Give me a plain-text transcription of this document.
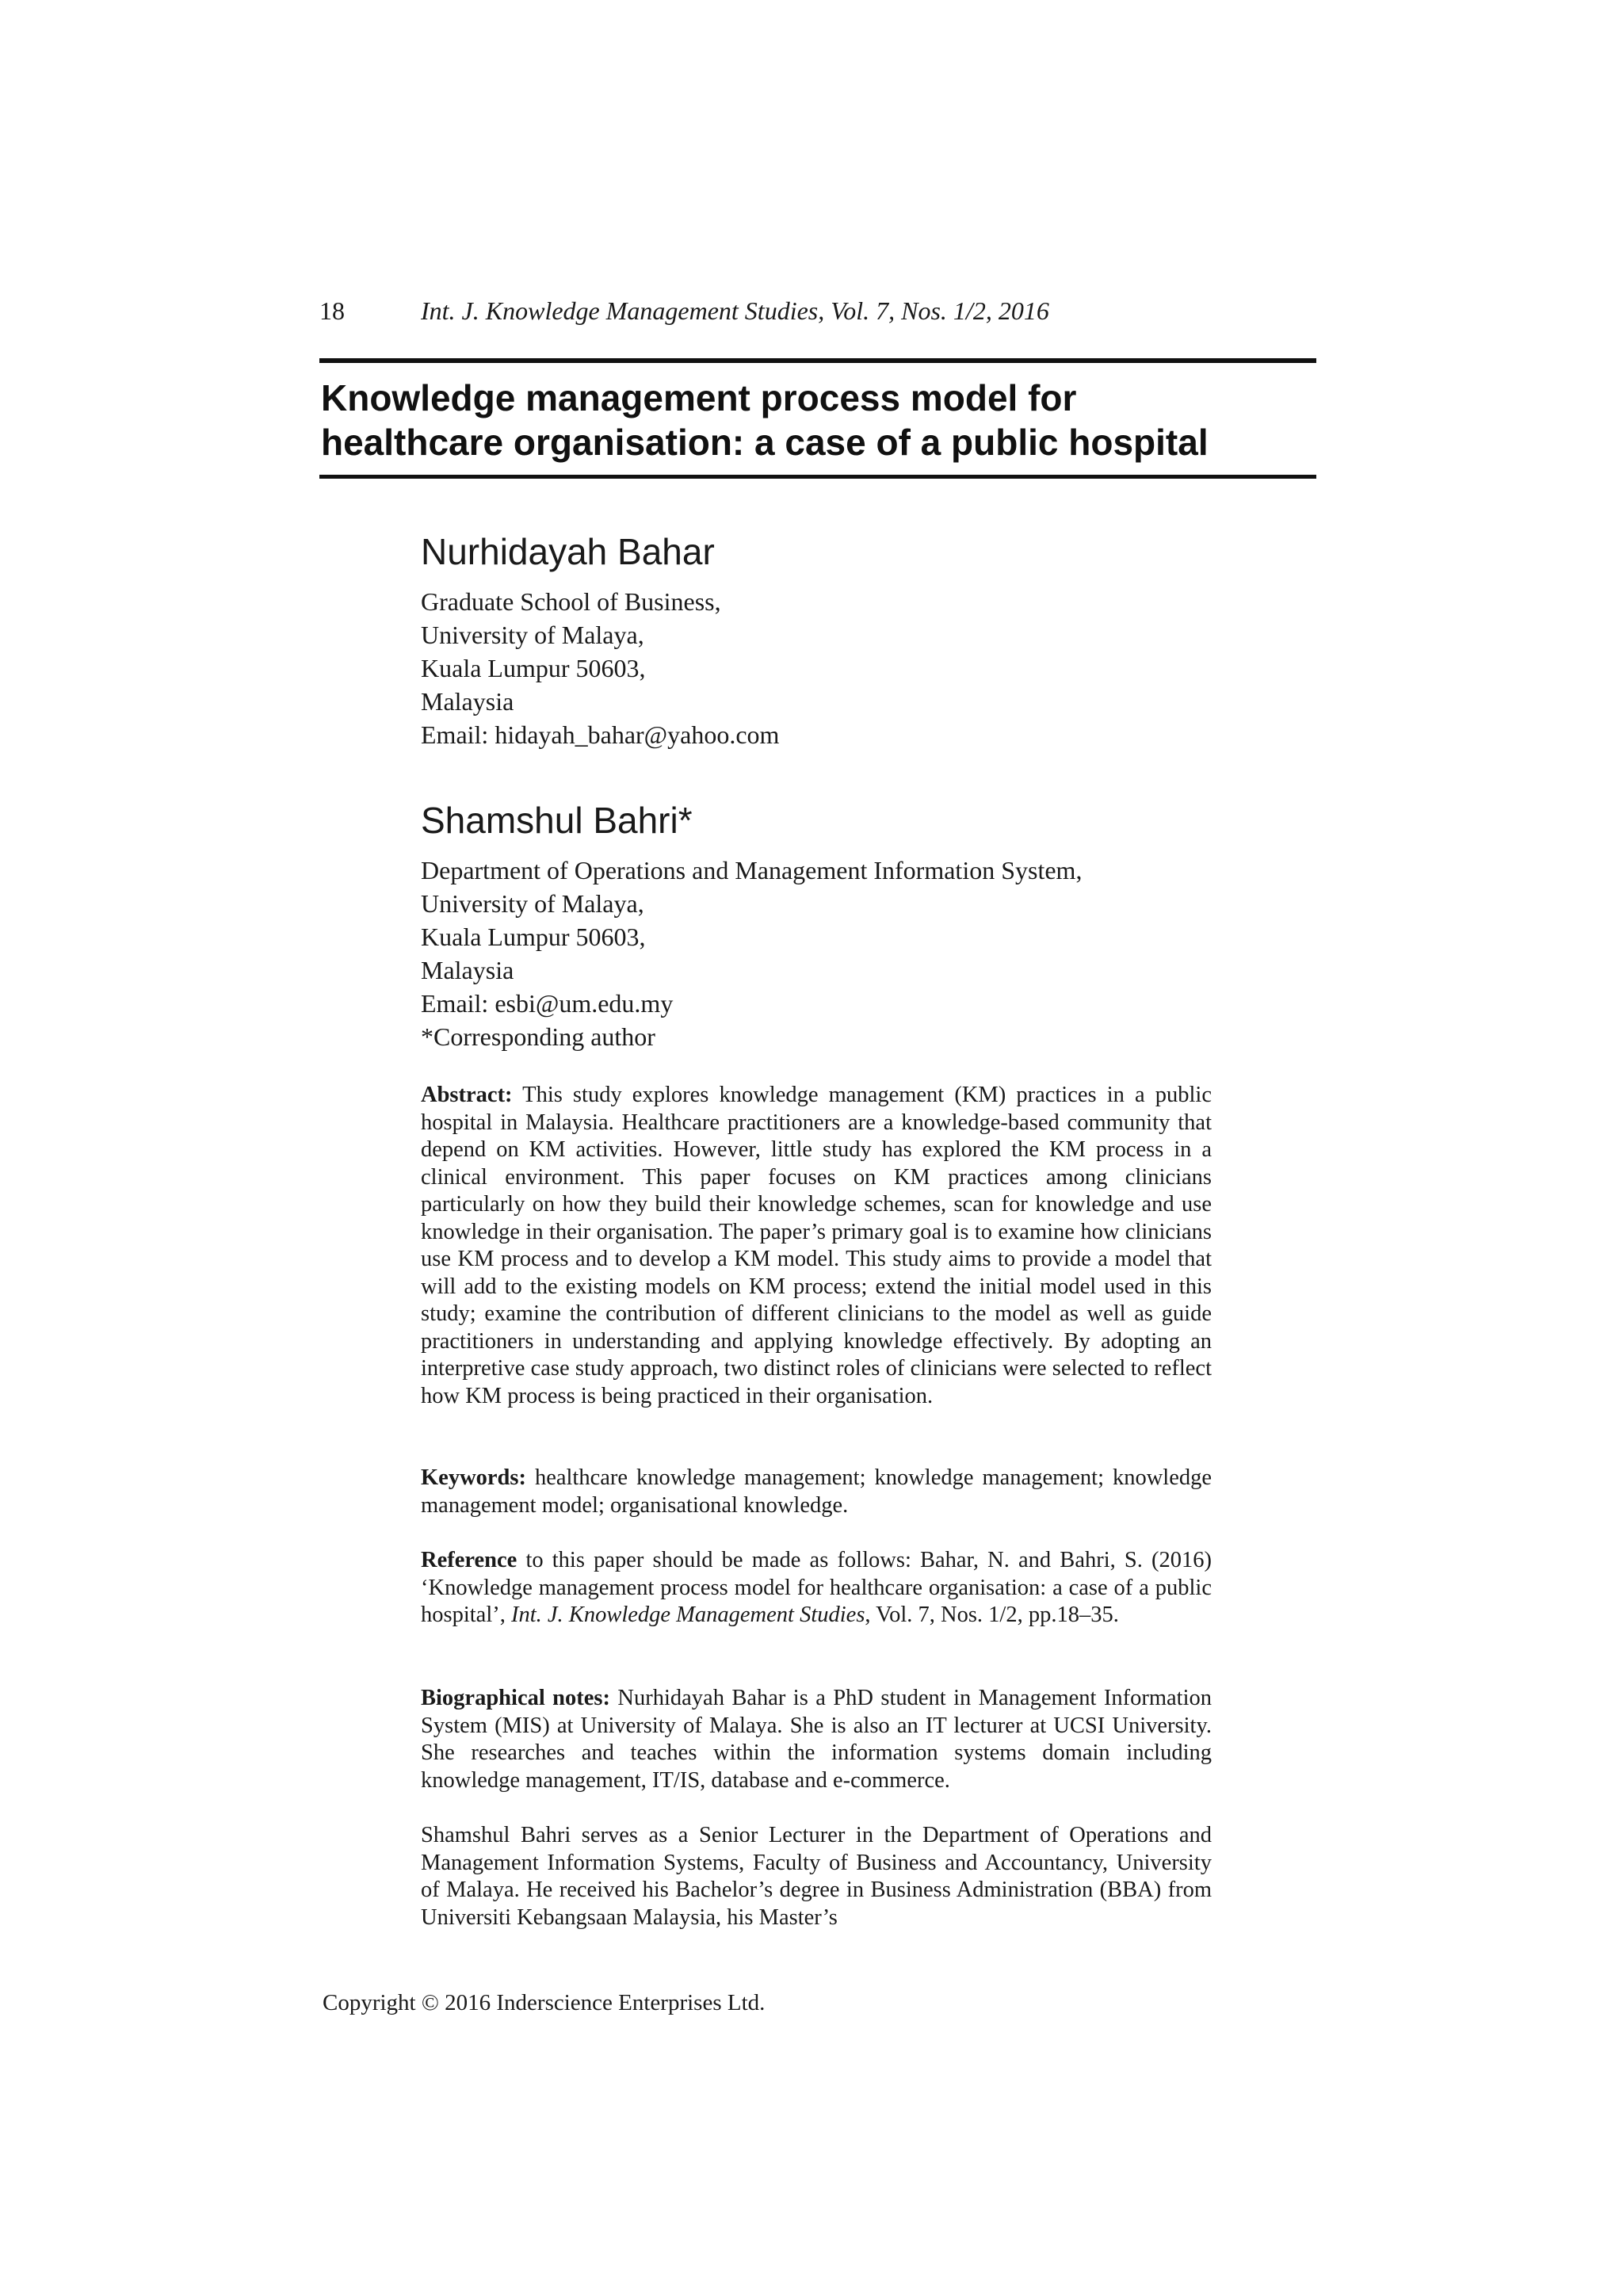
18	Int. J. Knowledge Management Studies, Vol. 7, Nos. 1/2, 2016
Knowledge management process model for
healthcare organisation: a case of a public hospital
Nurhidayah Bahar
Graduate School of Business,
University of Malaya,
Kuala Lumpur 50603,
Malaysia
Email: hidayah_bahar@yahoo.com
Shamshul Bahri*
Department of Operations and Management Information System,
University of Malaya,
Kuala Lumpur 50603,
Malaysia
Email: esbi@um.edu.my
*Corresponding author

Abstract: This study explores knowledge management (KM) practices in a public hospital in Malaysia. Healthcare practitioners are a knowledge-based community that depend on KM activities. However, little study has explored the KM process in a clinical environment. This paper focuses on KM practices among clinicians particularly on how they build their knowledge schemes, scan for knowledge and use knowledge in their organisation. The paper’s primary goal is to examine how clinicians use KM process and to develop a KM model. This study aims to provide a model that will add to the existing models on KM process; extend the initial model used in this study; examine the contribution of different clinicians to the model as well as guide practitioners in understanding and applying knowledge effectively. By adopting an interpretive case study approach, two distinct roles of clinicians were selected to reflect how KM process is being practiced in their organisation.

Keywords: healthcare knowledge management; knowledge management; knowledge management model; organisational knowledge.

Reference to this paper should be made as follows: Bahar, N. and Bahri, S. (2016) ‘Knowledge management process model for healthcare organisation: a case of a public hospital’, Int. J. Knowledge Management Studies, Vol. 7, Nos. 1/2, pp.18–35.

Biographical notes: Nurhidayah Bahar is a PhD student in Management Information System (MIS) at University of Malaya. She is also an IT lecturer at UCSI University. She researches and teaches within the information systems domain including knowledge management, IT/IS, database and e-commerce.

Shamshul Bahri serves as a Senior Lecturer in the Department of Operations and Management Information Systems, Faculty of Business and Accountancy, University of Malaya. He received his Bachelor’s degree in Business Administration (BBA) from Universiti Kebangsaan Malaysia, his Master’s

Copyright © 2016 Inderscience Enterprises Ltd.
